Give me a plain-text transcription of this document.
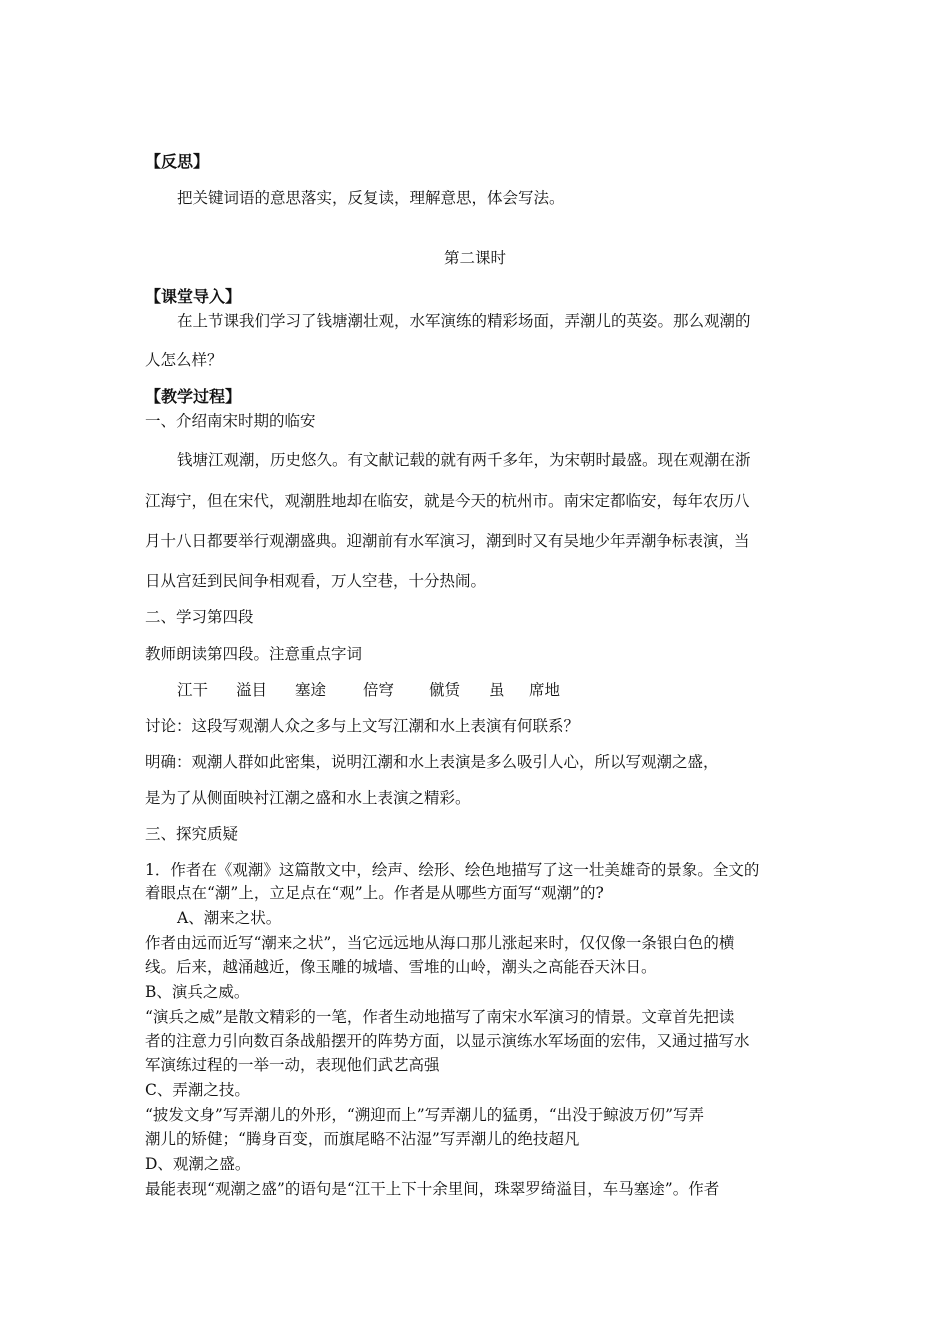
【反思】
把关键词语的意思落实，反复读，理解意思，体会写法。
第二课时
【课堂导入】
在上节课我们学习了钱塘潮壮观，水军演练的精彩场面，弄潮儿的英姿。那么观潮的
人怎么样？
【教学过程】
一、介绍南宋时期的临安
钱塘江观潮，历史悠久。有文献记载的就有两千多年，为宋朝时最盛。现在观潮在浙
江海宁，但在宋代，观潮胜地却在临安，就是今天的杭州市。南宋定都临安，每年农历八
月十八日都要举行观潮盛典。迎潮前有水军演习，潮到时又有吴地少年弄潮争标表演，当
日从宫廷到民间争相观看，万人空巷，十分热闹。
二、学习第四段
教师朗读第四段。注意重点字词
江干 溢目 塞途 倍穹 僦赁 虽 席地
讨论：这段写观潮人众之多与上文写江潮和水上表演有何联系？
明确：观潮人群如此密集，说明江潮和水上表演是多么吸引人心，所以写观潮之盛，
是为了从侧面映衬江潮之盛和水上表演之精彩。
三、探究质疑
1．作者在《观潮》这篇散文中，绘声、绘形、绘色地描写了这一壮美雄奇的景象。全文的
着眼点在“潮”上，立足点在“观”上。作者是从哪些方面写“观潮”的?
A、潮来之状。
作者由远而近写“潮来之状”，当它远远地从海口那儿涨起来时，仅仅像一条银白色的横
线。后来，越涌越近，像玉雕的城墙、雪堆的山岭，潮头之高能吞天沐日。
B、演兵之威。
“演兵之威”是散文精彩的一笔，作者生动地描写了南宋水军演习的情景。文章首先把读
者的注意力引向数百条战船摆开的阵势方面，以显示演练水军场面的宏伟，又通过描写水
军演练过程的一举一动，表现他们武艺高强
C、弄潮之技。
“披发文身”写弄潮儿的外形，“溯迎而上”写弄潮儿的猛勇，“出没于鲸波万仞”写弄
潮儿的矫健；“腾身百变，而旗尾略不沾湿”写弄潮儿的绝技超凡
D、观潮之盛。
最能表现“观潮之盛”的语句是“江干上下十余里间，珠翠罗绮溢目，车马塞途”。作者
